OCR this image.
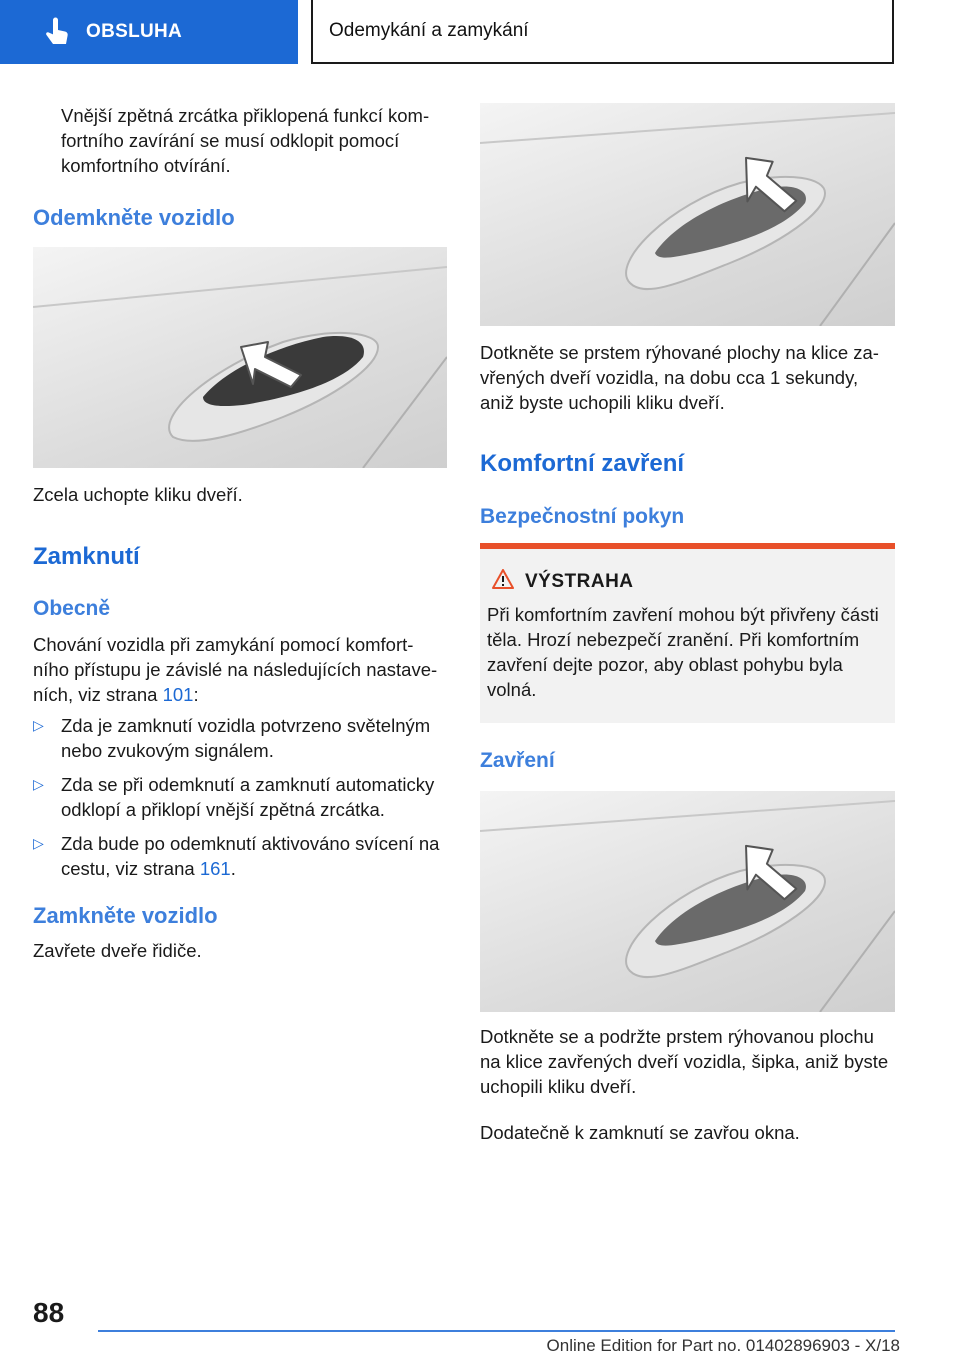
OBSLUHA	Odemykání a zamykání

Vnější zpětná zrcátka přiklopená funkcí kom-

fortního zavírání se musí odklopit pomocí

komfortního otvírání.

Odemkněte vozidlo

Zcela uchopte kliku dveří.

Zamknutí
Obecně

Chování vozidla při zamykání pomocí komfort-

ního přístupu je závislé na následujících nastave-

ních, viz strana 101:

▷ Zda je zamknutí vozidla potvrzeno světelným

nebo zvukovým signálem.

▷ Zda se při odemknutí a zamknutí automaticky

odklopí a přiklopí vnější zpětná zrcátka.

▷ Zda bude po odemknutí aktivováno svícení na

cestu, viz strana 161.

Zamkněte vozidlo

Zavřete dveře řidiče.

Dotkněte se prstem rýhované plochy na klice za-

vřených dveří vozidla, na dobu cca 1 sekundy,

aniž byste uchopili kliku dveří.

Komfortní zavření
Bezpečnostní pokyn
VÝSTRAHA

Při komfortním zavření mohou být přivřeny části

těla. Hrozí nebezpečí zranění. Při komfortním

zavření dejte pozor, aby oblast pohybu byla

volná.

Zavření

Dotkněte se a podržte prstem rýhovanou plochu

na klice zavřených dveří vozidla, šipka, aniž byste

uchopili kliku dveří.

Dodatečně k zamknutí se zavřou okna.

88
Online Edition for Part no. 01402896903 - X/18
